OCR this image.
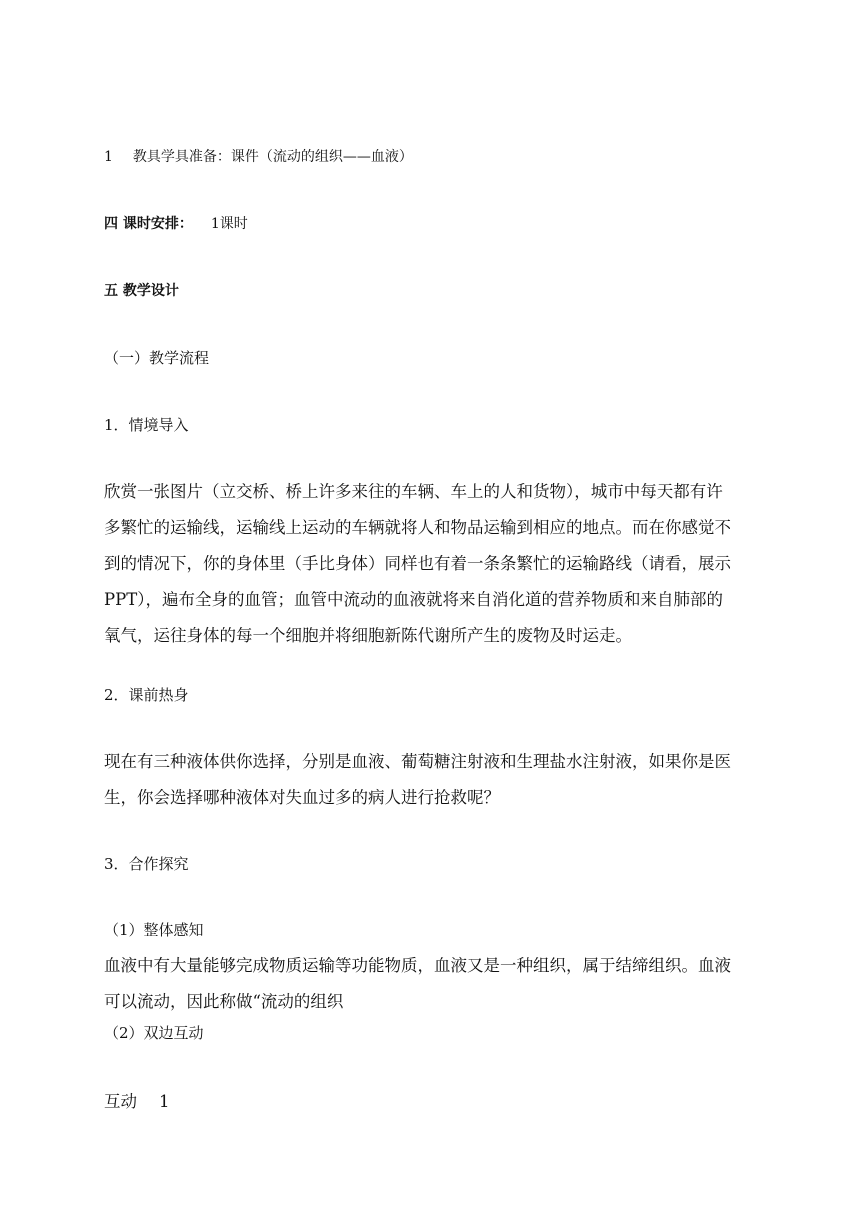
1 教具学具准备：课件（流动的组织——血液）
四 课时安排： 1课时
五 教学设计
（一）教学流程
1．情境导入
欣赏一张图片（立交桥、桥上许多来往的车辆、车上的人和货物），城市中每天都有许
多繁忙的运输线，运输线上运动的车辆就将人和物品运输到相应的地点。而在你感觉不
到的情况下，你的身体里（手比身体）同样也有着一条条繁忙的运输路线（请看，展示
PPT），遍布全身的血管；血管中流动的血液就将来自消化道的营养物质和来自肺部的
氧气，运往身体的每一个细胞并将细胞新陈代谢所产生的废物及时运走。
2．课前热身
现在有三种液体供你选择，分别是血液、葡萄糖注射液和生理盐水注射液，如果你是医
生，你会选择哪种液体对失血过多的病人进行抢救呢？
3．合作探究
（1）整体感知
血液中有大量能够完成物质运输等功能物质，血液又是一种组织，属于结缔组织。血液
可以流动，因此称做“流动的组织
（2）双边互动
互动 1
